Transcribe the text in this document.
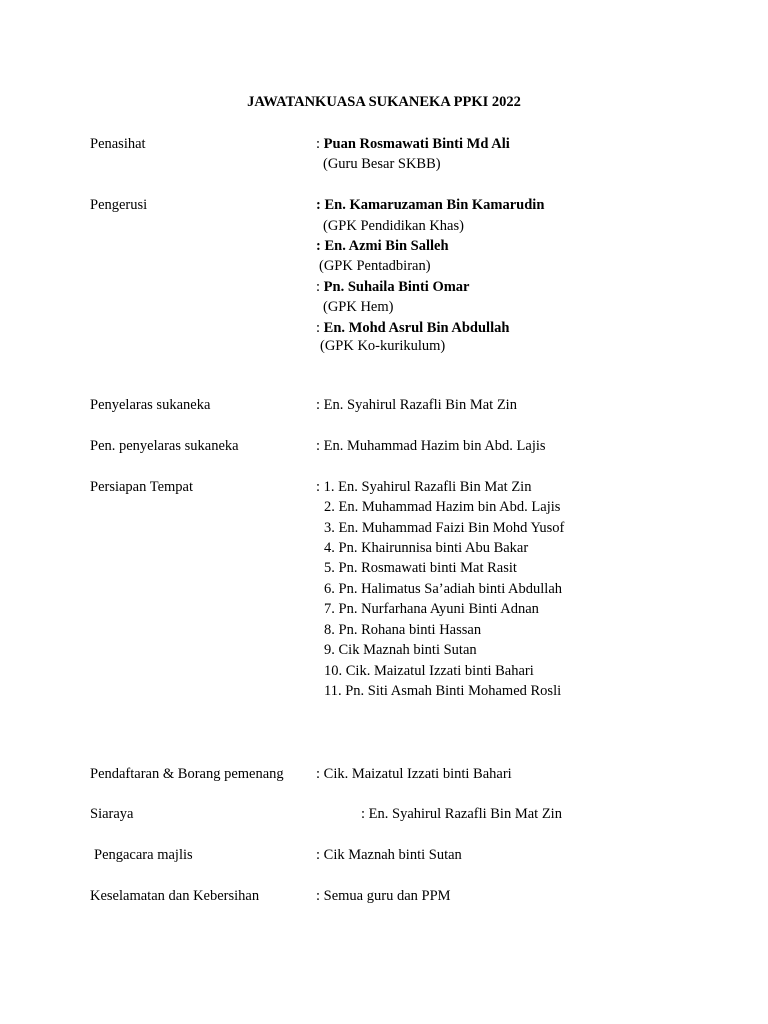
JAWATANKUASA SUKANEKA PPKI 2022
Penasihat	: Puan Rosmawati Binti Md Ali
(Guru Besar SKBB)
Pengerusi	: En. Kamaruzaman Bin Kamarudin
(GPK Pendidikan Khas)
: En. Azmi Bin Salleh
(GPK Pentadbiran)
: Pn. Suhaila Binti Omar
(GPK Hem)
: En. Mohd Asrul Bin Abdullah
(GPK Ko-kurikulum)
Penyelaras sukaneka	: En. Syahirul Razafli Bin Mat Zin
Pen. penyelaras sukaneka	: En. Muhammad Hazim bin Abd. Lajis
Persiapan Tempat	: 1. En. Syahirul Razafli Bin Mat Zin
2. En. Muhammad Hazim bin Abd. Lajis
3. En. Muhammad Faizi Bin Mohd Yusof
4. Pn. Khairunnisa binti Abu Bakar
5. Pn. Rosmawati binti Mat Rasit
6. Pn. Halimatus Sa’adiah binti Abdullah
7. Pn. Nurfarhana Ayuni Binti Adnan
8. Pn. Rohana binti Hassan
9. Cik Maznah binti Sutan
10. Cik. Maizatul Izzati binti Bahari
11. Pn. Siti Asmah Binti Mohamed Rosli
Pendaftaran & Borang pemenang : Cik. Maizatul Izzati binti Bahari
Siaraya	: En. Syahirul Razafli Bin Mat Zin
Pengacara majlis	: Cik Maznah binti Sutan
Keselamatan dan Kebersihan	: Semua guru dan PPM
